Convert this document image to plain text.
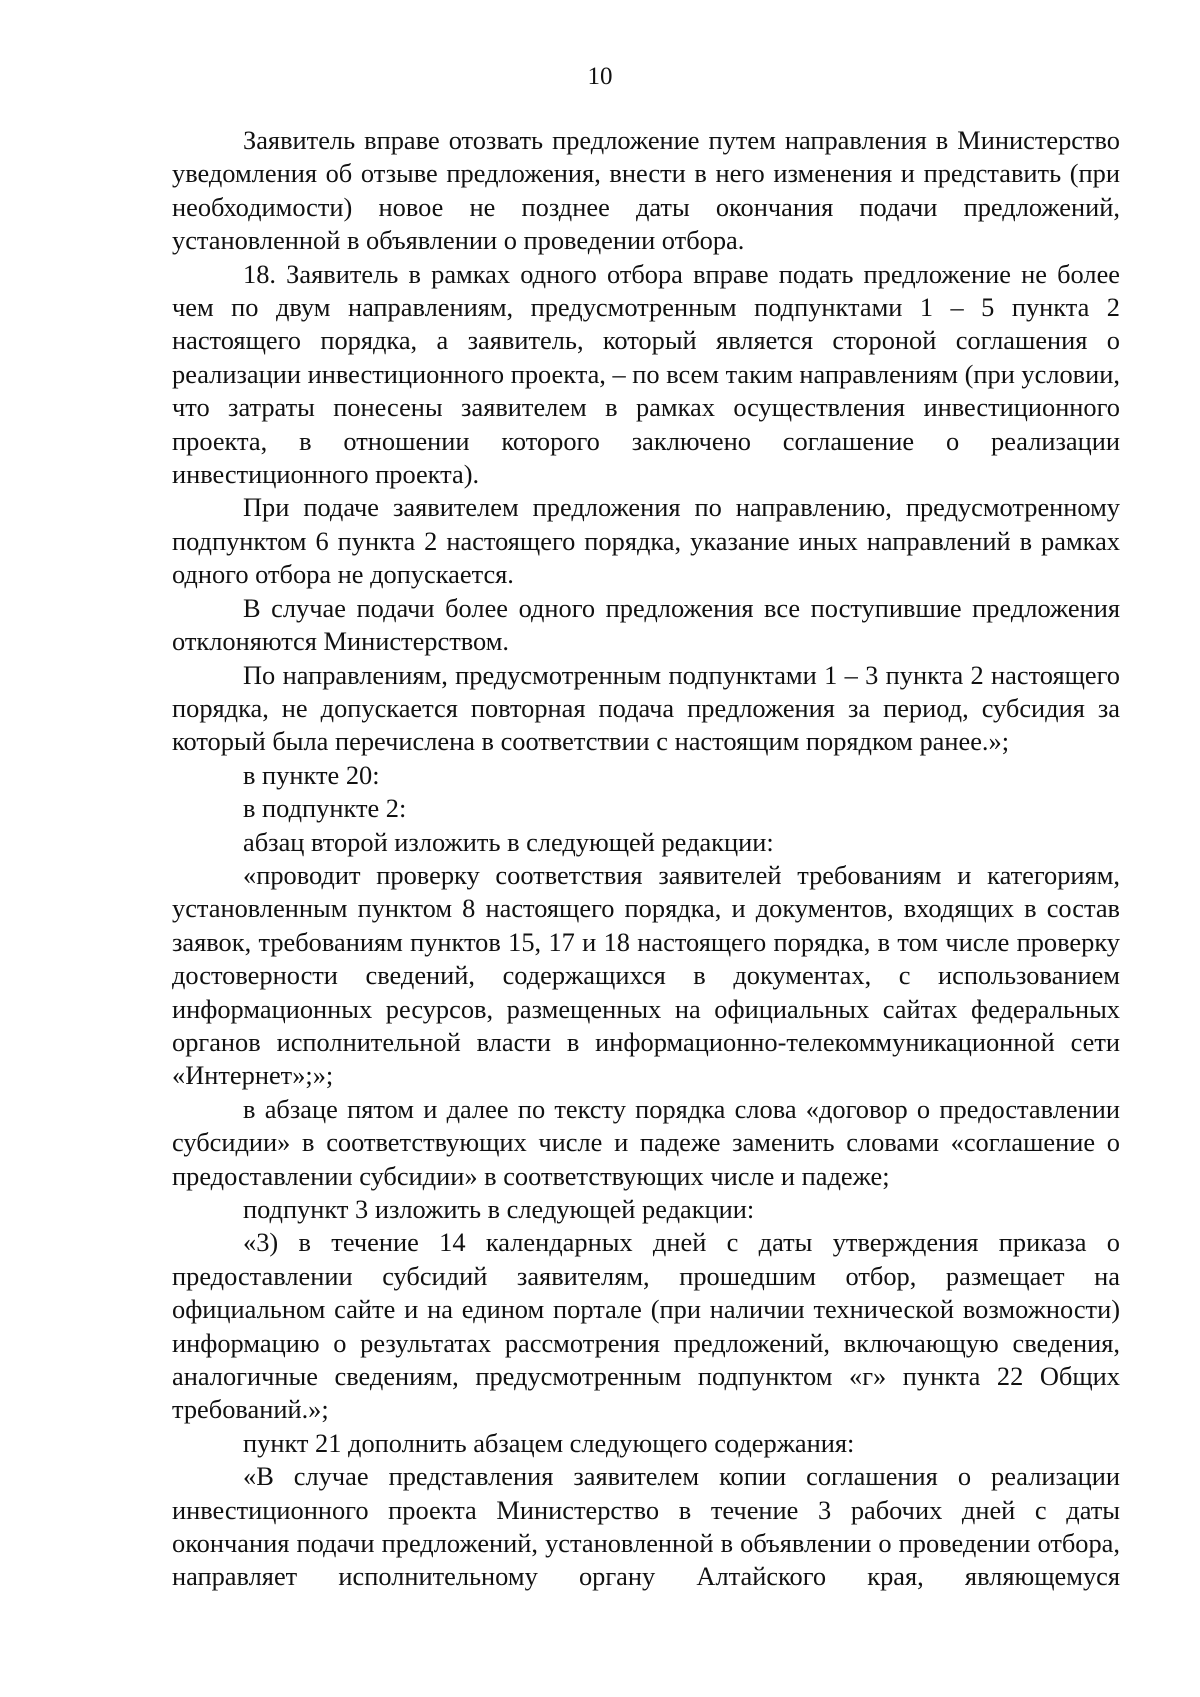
10

Заявитель вправе отозвать предложение путем направления в Министерство уведомления об отзыве предложения, внести в него изменения и представить (при необходимости) новое не позднее даты окончания подачи предложений, установленной в объявлении о проведении отбора.

18. Заявитель в рамках одного отбора вправе подать предложение не более чем по двум направлениям, предусмотренным подпунктами 1 – 5 пункта 2 настоящего порядка, а заявитель, который является стороной соглашения о реализации инвестиционного проекта, – по всем таким направлениям (при условии, что затраты понесены заявителем в рамках осуществления инвестиционного проекта, в отношении которого заключено соглашение о реализации инвестиционного проекта).

При подаче заявителем предложения по направлению, предусмотренному подпунктом 6 пункта 2 настоящего порядка, указание иных направлений в рамках одного отбора не допускается.

В случае подачи более одного предложения все поступившие предложения отклоняются Министерством.

По направлениям, предусмотренным подпунктами 1 – 3 пункта 2 настоящего порядка, не допускается повторная подача предложения за период, субсидия за который была перечислена в соответствии с настоящим порядком ранее.»;

в пункте 20:

в подпункте 2:

абзац второй изложить в следующей редакции:

«проводит проверку соответствия заявителей требованиям и категориям, установленным пунктом 8 настоящего порядка, и документов, входящих в состав заявок, требованиям пунктов 15, 17 и 18 настоящего порядка, в том числе проверку достоверности сведений, содержащихся в документах, с использованием информационных ресурсов, размещенных на официальных сайтах федеральных органов исполнительной власти в информационно-телекоммуникационной сети «Интернет»;»;

в абзаце пятом и далее по тексту порядка слова «договор о предоставлении субсидии» в соответствующих числе и падеже заменить словами «соглашение о предоставлении субсидии» в соответствующих числе и падеже;

подпункт 3 изложить в следующей редакции:

«3) в течение 14 календарных дней с даты утверждения приказа о предоставлении субсидий заявителям, прошедшим отбор, размещает на официальном сайте и на едином портале (при наличии технической возможности) информацию о результатах рассмотрения предложений, включающую сведения, аналогичные сведениям, предусмотренным подпунктом «г» пункта 22 Общих требований.»;

пункт 21 дополнить абзацем следующего содержания:

«В случае представления заявителем копии соглашения о реализации инвестиционного проекта Министерство в течение 3 рабочих дней с даты окончания подачи предложений, установленной в объявлении о проведении отбора, направляет исполнительному органу Алтайского края, являющемуся
